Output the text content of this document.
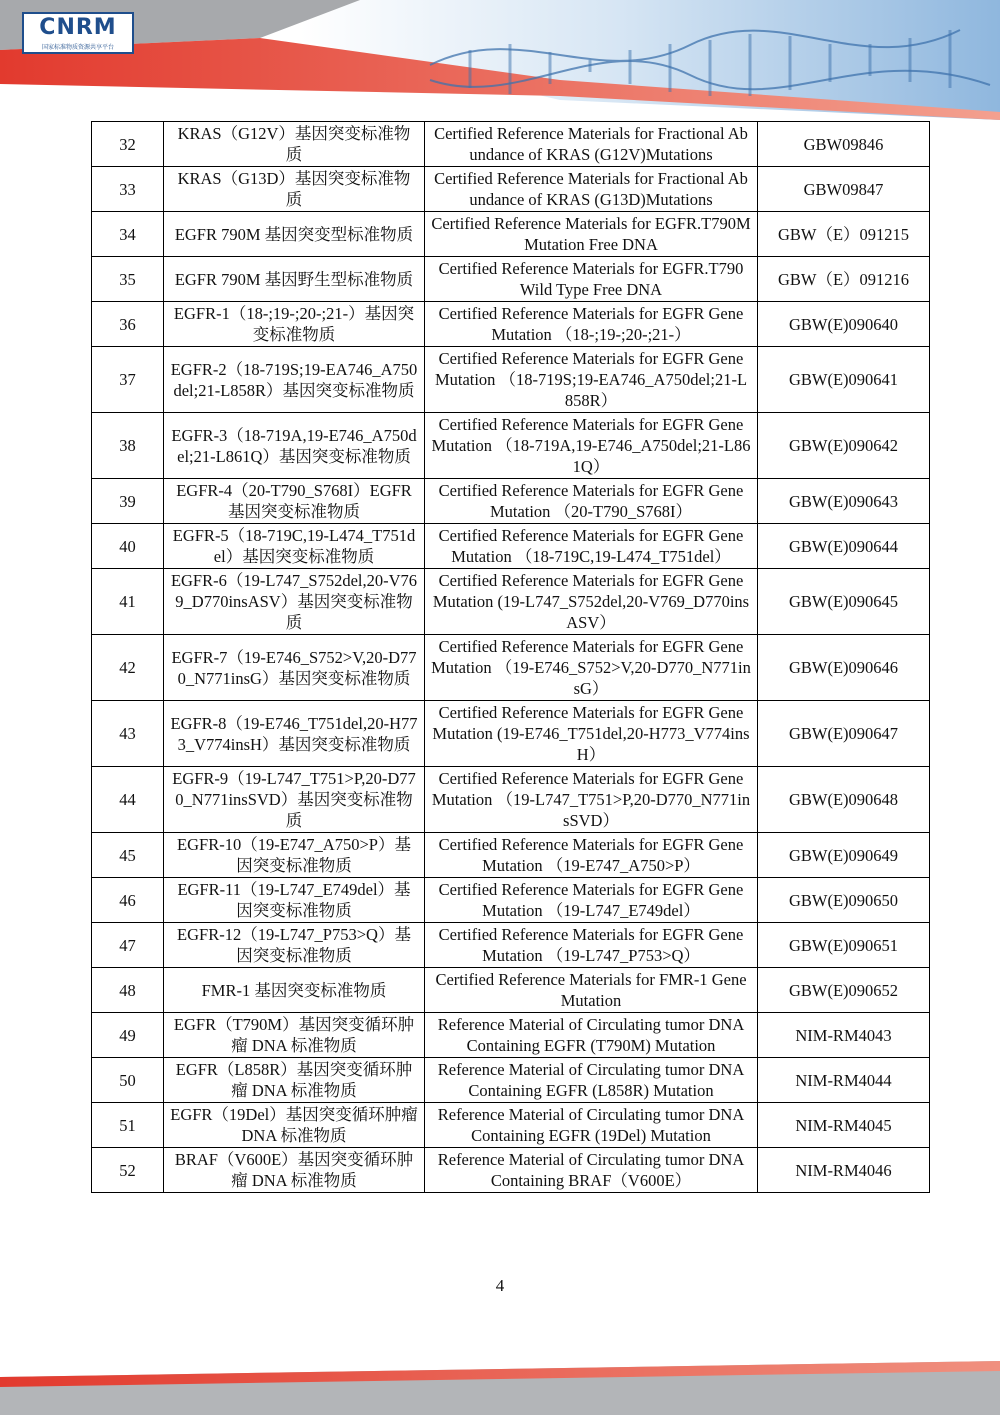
CNRM
国家标准物质资源共享平台
32	KRAS（G12V）基因突变标准物质	Certified Reference Materials for Fractional Abundance of KRAS (G12V)Mutations	GBW09846
33	KRAS（G13D）基因突变标准物质	Certified Reference Materials for Fractional Abundance of KRAS (G13D)Mutations	GBW09847
34	EGFR 790M 基因突变型标准物质	Certified Reference Materials for EGFR.T790M Mutation Free DNA	GBW（E）091215
35	EGFR 790M 基因野生型标准物质	Certified Reference Materials for EGFR.T790 Wild Type Free DNA	GBW（E）091216
36	EGFR-1（18-;19-;20-;21-）基因突变标准物质	Certified Reference Materials for EGFR Gene Mutation （18-;19-;20-;21-）	GBW(E)090640
37	EGFR-2（18-719S;19-EA746_A750del;21-L858R）基因突变标准物质	Certified Reference Materials for EGFR Gene Mutation （18-719S;19-EA746_A750del;21-L858R）	GBW(E)090641
38	EGFR-3（18-719A,19-E746_A750del;21-L861Q）基因突变标准物质	Certified Reference Materials for EGFR Gene Mutation （18-719A,19-E746_A750del;21-L861Q）	GBW(E)090642
39	EGFR-4（20-T790_S768I）EGFR 基因突变标准物质	Certified Reference Materials for EGFR Gene Mutation （20-T790_S768I）	GBW(E)090643
40	EGFR-5（18-719C,19-L474_T751del）基因突变标准物质	Certified Reference Materials for EGFR Gene Mutation （18-719C,19-L474_T751del）	GBW(E)090644
41	EGFR-6（19-L747_S752del,20-V769_D770insASV）基因突变标准物质	Certified Reference Materials for EGFR Gene Mutation (19-L747_S752del,20-V769_D770insASV）	GBW(E)090645
42	EGFR-7（19-E746_S752>V,20-D770_N771insG）基因突变标准物质	Certified Reference Materials for EGFR Gene Mutation （19-E746_S752>V,20-D770_N771insG）	GBW(E)090646
43	EGFR-8（19-E746_T751del,20-H773_V774insH）基因突变标准物质	Certified Reference Materials for EGFR Gene Mutation (19-E746_T751del,20-H773_V774insH）	GBW(E)090647
44	EGFR-9（19-L747_T751>P,20-D770_N771insSVD）基因突变标准物质	Certified Reference Materials for EGFR Gene Mutation （19-L747_T751>P,20-D770_N771insSVD）	GBW(E)090648
45	EGFR-10（19-E747_A750>P）基因突变标准物质	Certified Reference Materials for EGFR Gene Mutation （19-E747_A750>P）	GBW(E)090649
46	EGFR-11（19-L747_E749del）基因突变标准物质	Certified Reference Materials for EGFR Gene Mutation （19-L747_E749del）	GBW(E)090650
47	EGFR-12（19-L747_P753>Q）基因突变标准物质	Certified Reference Materials for EGFR Gene Mutation （19-L747_P753>Q）	GBW(E)090651
48	FMR-1 基因突变标准物质	Certified Reference Materials for FMR-1 Gene Mutation	GBW(E)090652
49	EGFR（T790M）基因突变循环肿瘤 DNA 标准物质	Reference Material of Circulating tumor DNA Containing EGFR (T790M) Mutation	NIM-RM4043
50	EGFR（L858R）基因突变循环肿瘤 DNA 标准物质	Reference Material of Circulating tumor DNA Containing EGFR (L858R) Mutation	NIM-RM4044
51	EGFR（19Del）基因突变循环肿瘤 DNA 标准物质	Reference Material of Circulating tumor DNA Containing EGFR (19Del) Mutation	NIM-RM4045
52	BRAF（V600E）基因突变循环肿瘤 DNA 标准物质	Reference Material of Circulating tumor DNA Containing BRAF（V600E）	NIM-RM4046
4
